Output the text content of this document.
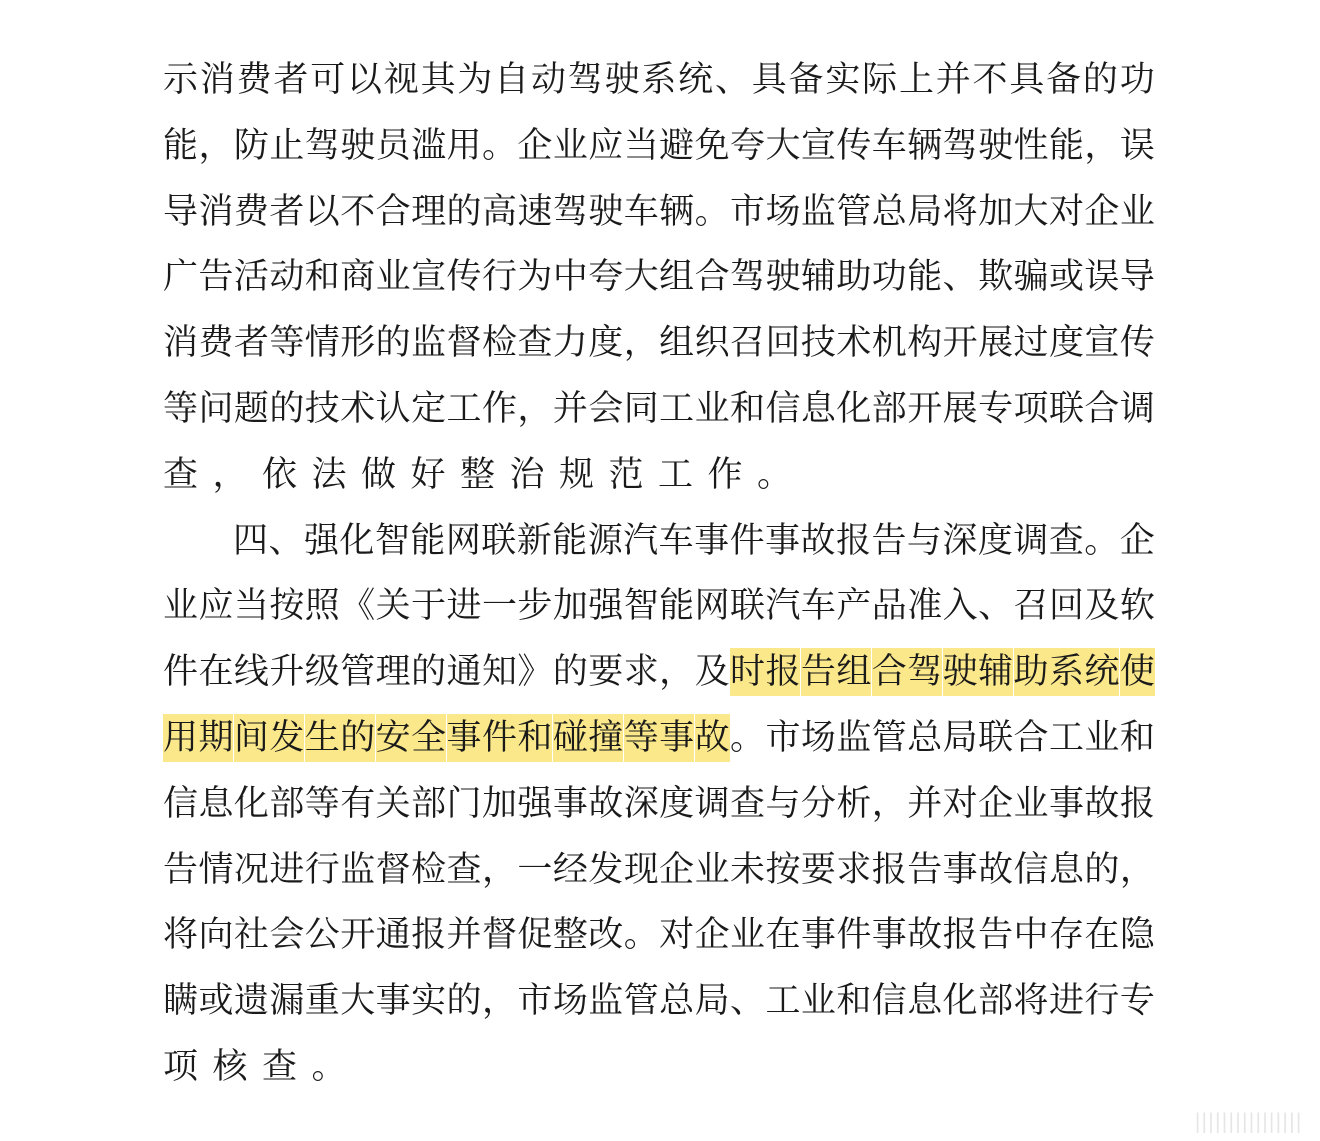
示 消 费 者 可 以 视 其 为 自 动 驾 驶 系 统 、 具 备 实 际 上 并 不 具 备 的 功
能 ， 防 止 驾 驶 员 滥 用 。 企 业 应 当 避 免 夸 大 宣 传 车 辆 驾 驶 性 能 ， 误
导 消 费 者 以 不 合 理 的 高 速 驾 驶 车 辆 。 市 场 监 管 总 局 将 加 大 对 企 业
广 告 活 动 和 商 业 宣 传 行 为 中 夸 大 组 合 驾 驶 辅 助 功 能 、 欺 骗 或 误 导
消 费 者 等 情 形 的 监 督 检 查 力 度 ， 组 织 召 回 技 术 机 构 开 展 过 度 宣 传
等 问 题 的 技 术 认 定 工 作 ， 并 会 同 工 业 和 信 息 化 部 开 展 专 项 联 合 调
查 ， 依 法 做 好 整 治 规 范 工 作 。
四 、 强 化 智 能 网 联 新 能 源 汽 车 事 件 事 故 报 告 与 深 度 调 查 。 企
业 应 当 按 照 《 关 于 进 一 步 加 强 智 能 网 联 汽 车 产 品 准 入 、 召 回 及 软
件 在 线 升 级 管 理 的 通 知 》 的 要 求 ， 及 时 报 告 组 合 驾 驶 辅 助 系 统 使
用 期 间 发 生 的 安 全 事 件 和 碰 撞 等 事 故 。 市 场 监 管 总 局 联 合 工 业 和
信 息 化 部 等 有 关 部 门 加 强 事 故 深 度 调 查 与 分 析 ， 并 对 企 业 事 故 报
告 情 况 进 行 监 督 检 查 ， 一 经 发 现 企 业 未 按 要 求 报 告 事 故 信 息 的 ，
将 向 社 会 公 开 通 报 并 督 促 整 改 。 对 企 业 在 事 件 事 故 报 告 中 存 在 隐
瞒 或 遗 漏 重 大 事 实 的 ， 市 场 监 管 总 局 、 工 业 和 信 息 化 部 将 进 行 专
项 核 查 。
||||||||||||||||
